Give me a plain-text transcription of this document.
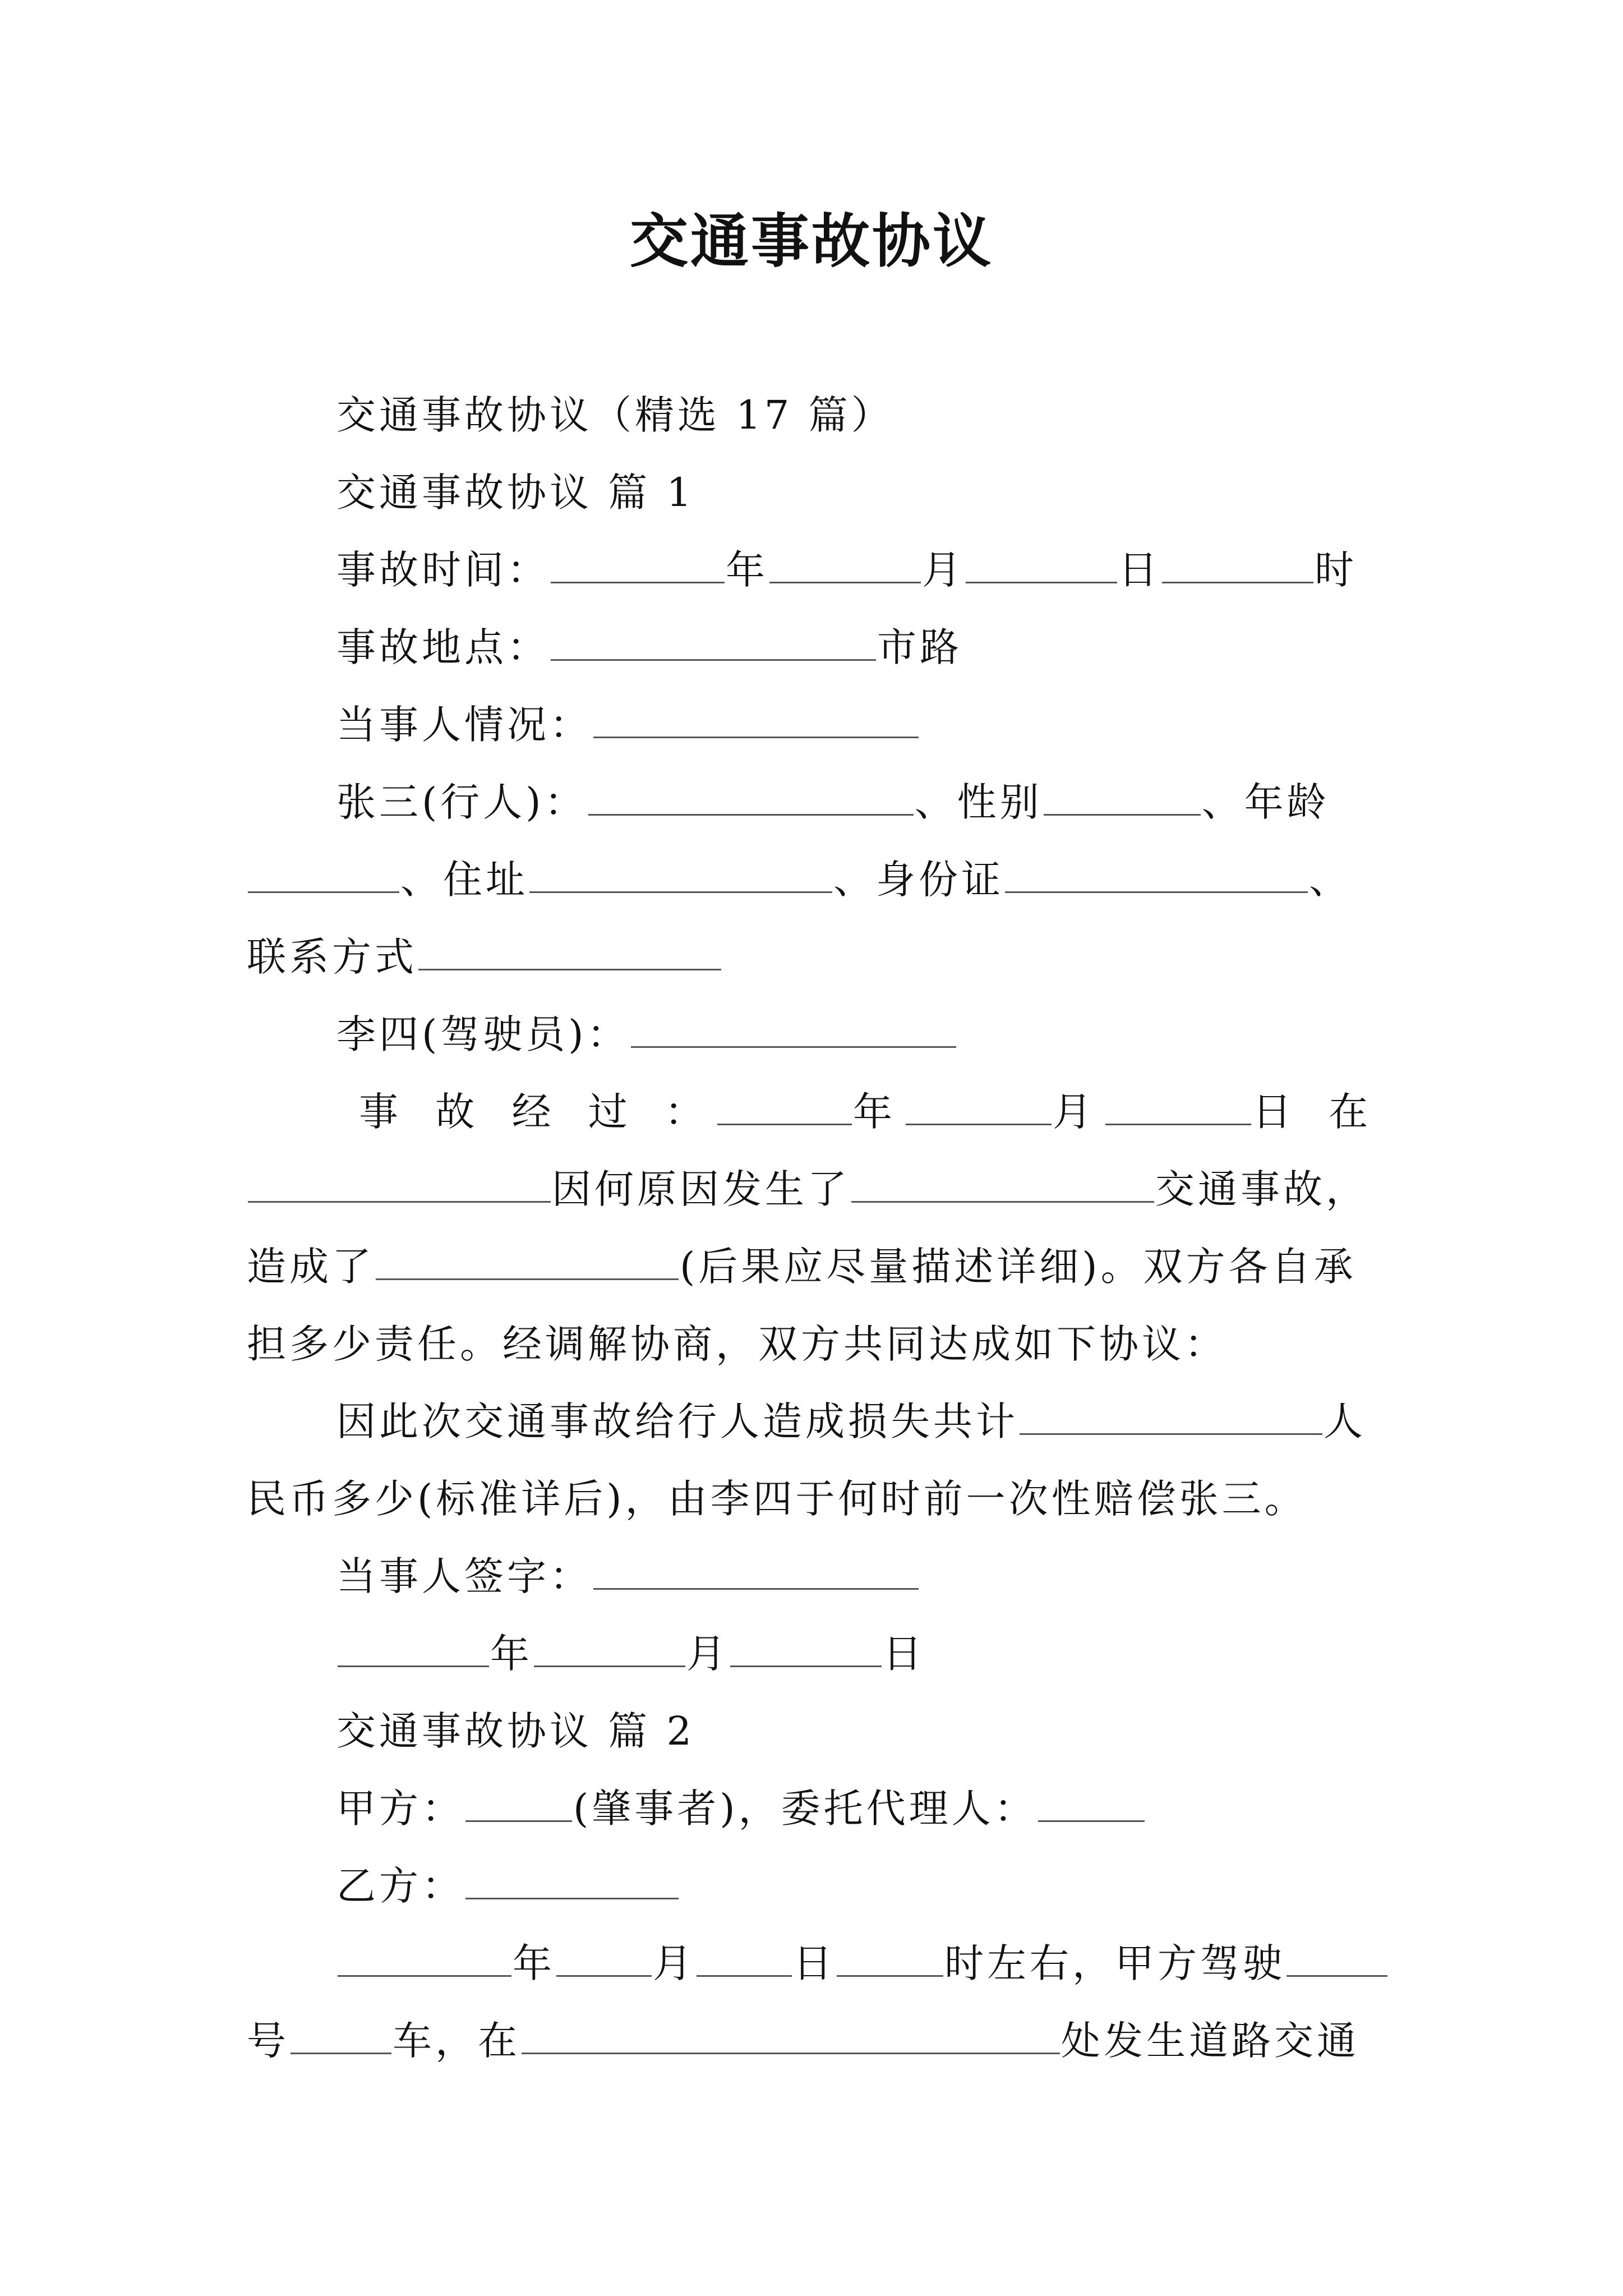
交通事故协议

交通事故协议（精选 17 篇）

交通事故协议 篇 1

事故时间：	年	月	日	时

事故地点：	市路

当事人情况：

张三(行人)：	、性别	、年龄

、住址	、身份证	、

联系方式

李四(驾驶员)：

事 故 经 过 ：	年	月	日 在

因何原因发生了	交通事故，

造成了	(后果应尽量描述详细)。双方各自承

担多少责任。经调解协商，双方共同达成如下协议：

因此次交通事故给行人造成损失共计	人

民币多少(标准详后)，由李四于何时前一次性赔偿张三。

当事人签字：

年	月	日

交通事故协议 篇 2

甲方：	(肇事者)，委托代理人：

乙方：

年 月 日	时左右，甲方驾驶

号	车，在	处发生道路交通
